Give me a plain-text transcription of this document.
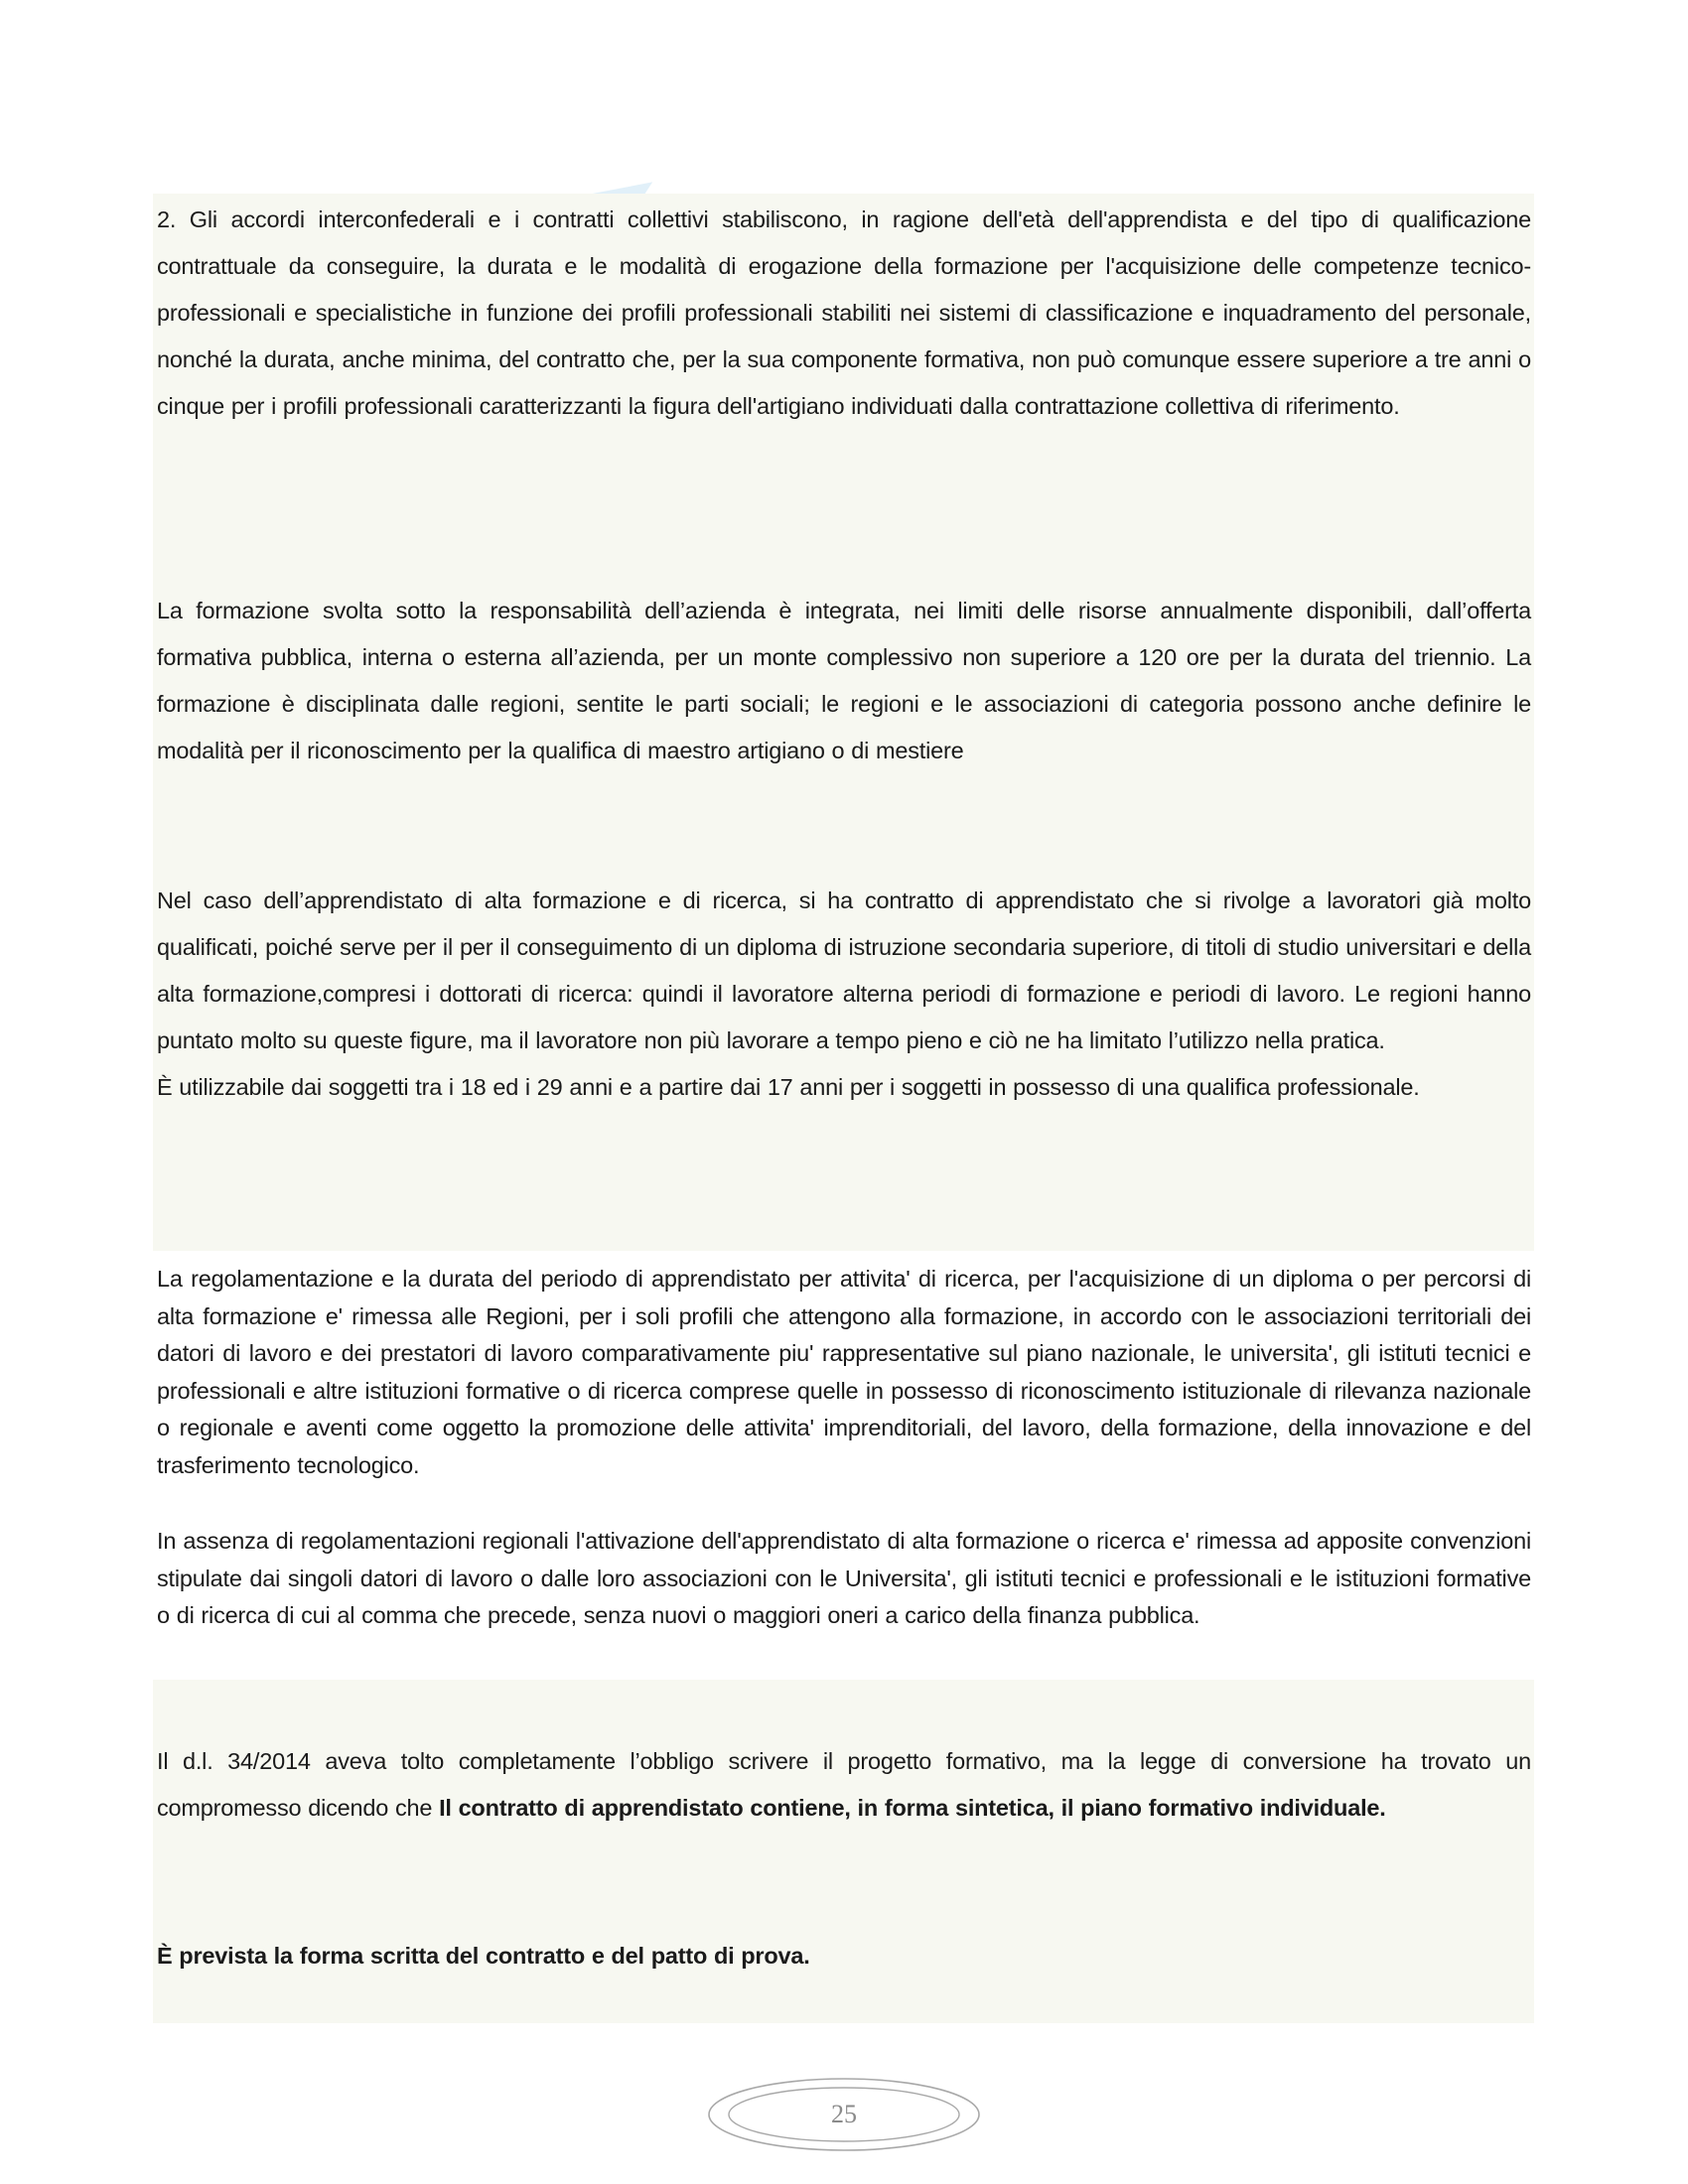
2. Gli accordi interconfederali e i contratti collettivi stabiliscono, in ragione dell'età dell'apprendista e del tipo di qualificazione contrattuale da conseguire, la durata e le modalità di erogazione della formazione per l'acquisizione delle competenze tecnico-professionali e specialistiche in funzione dei profili professionali stabiliti nei sistemi di classificazione e inquadramento del personale, nonché la durata, anche minima, del contratto che, per la sua componente formativa, non può comunque essere superiore a tre anni o cinque per i profili professionali caratterizzanti la figura dell'artigiano individuati dalla contrattazione collettiva di riferimento.

La formazione svolta sotto la responsabilità dell’azienda è integrata, nei limiti delle risorse annualmente disponibili, dall’offerta formativa pubblica, interna o esterna all’azienda, per un monte complessivo non superiore a 120 ore per la durata del triennio. La formazione è disciplinata dalle regioni, sentite le parti sociali; le regioni e le associazioni di categoria possono anche definire le modalità per il riconoscimento per la qualifica di maestro artigiano o di mestiere

Nel caso dell’apprendistato di alta formazione e di ricerca, si ha contratto di apprendistato che si rivolge a lavoratori già molto qualificati, poiché serve per il per il conseguimento di un diploma di istruzione secondaria superiore, di titoli di studio universitari e della alta formazione,compresi i dottorati di ricerca: quindi il lavoratore alterna periodi di formazione e periodi di lavoro. Le regioni hanno puntato molto su queste figure, ma il lavoratore non più lavorare a tempo pieno e ciò ne ha limitato l’utilizzo nella pratica.

È utilizzabile dai soggetti tra i 18 ed i 29 anni e a partire dai 17 anni per i soggetti in possesso di una qualifica professionale.

La regolamentazione e la durata del periodo di apprendistato per attivita' di ricerca, per l'acquisizione di un diploma o per percorsi di alta formazione e' rimessa alle Regioni, per i soli profili che attengono alla formazione, in accordo con le associazioni territoriali dei datori di lavoro e dei prestatori di lavoro comparativamente piu' rappresentative sul piano nazionale, le universita', gli istituti tecnici e professionali e altre istituzioni formative o di ricerca comprese quelle in possesso di riconoscimento istituzionale di rilevanza nazionale o regionale e aventi come oggetto la promozione delle attivita' imprenditoriali, del lavoro, della formazione, della innovazione e del trasferimento tecnologico.

In assenza di regolamentazioni regionali l'attivazione dell'apprendistato di alta formazione o ricerca e' rimessa ad apposite convenzioni stipulate dai singoli datori di lavoro o dalle loro associazioni con le Universita', gli istituti tecnici e professionali e le istituzioni formative o di ricerca di cui al comma che precede, senza nuovi o maggiori oneri a carico della finanza pubblica.

Il d.l. 34/2014 aveva tolto completamente l’obbligo scrivere il progetto formativo, ma la legge di conversione ha trovato un compromesso dicendo che Il contratto di apprendistato contiene, in forma sintetica, il piano formativo individuale.

È prevista la forma scritta del contratto e del patto di prova.

25
